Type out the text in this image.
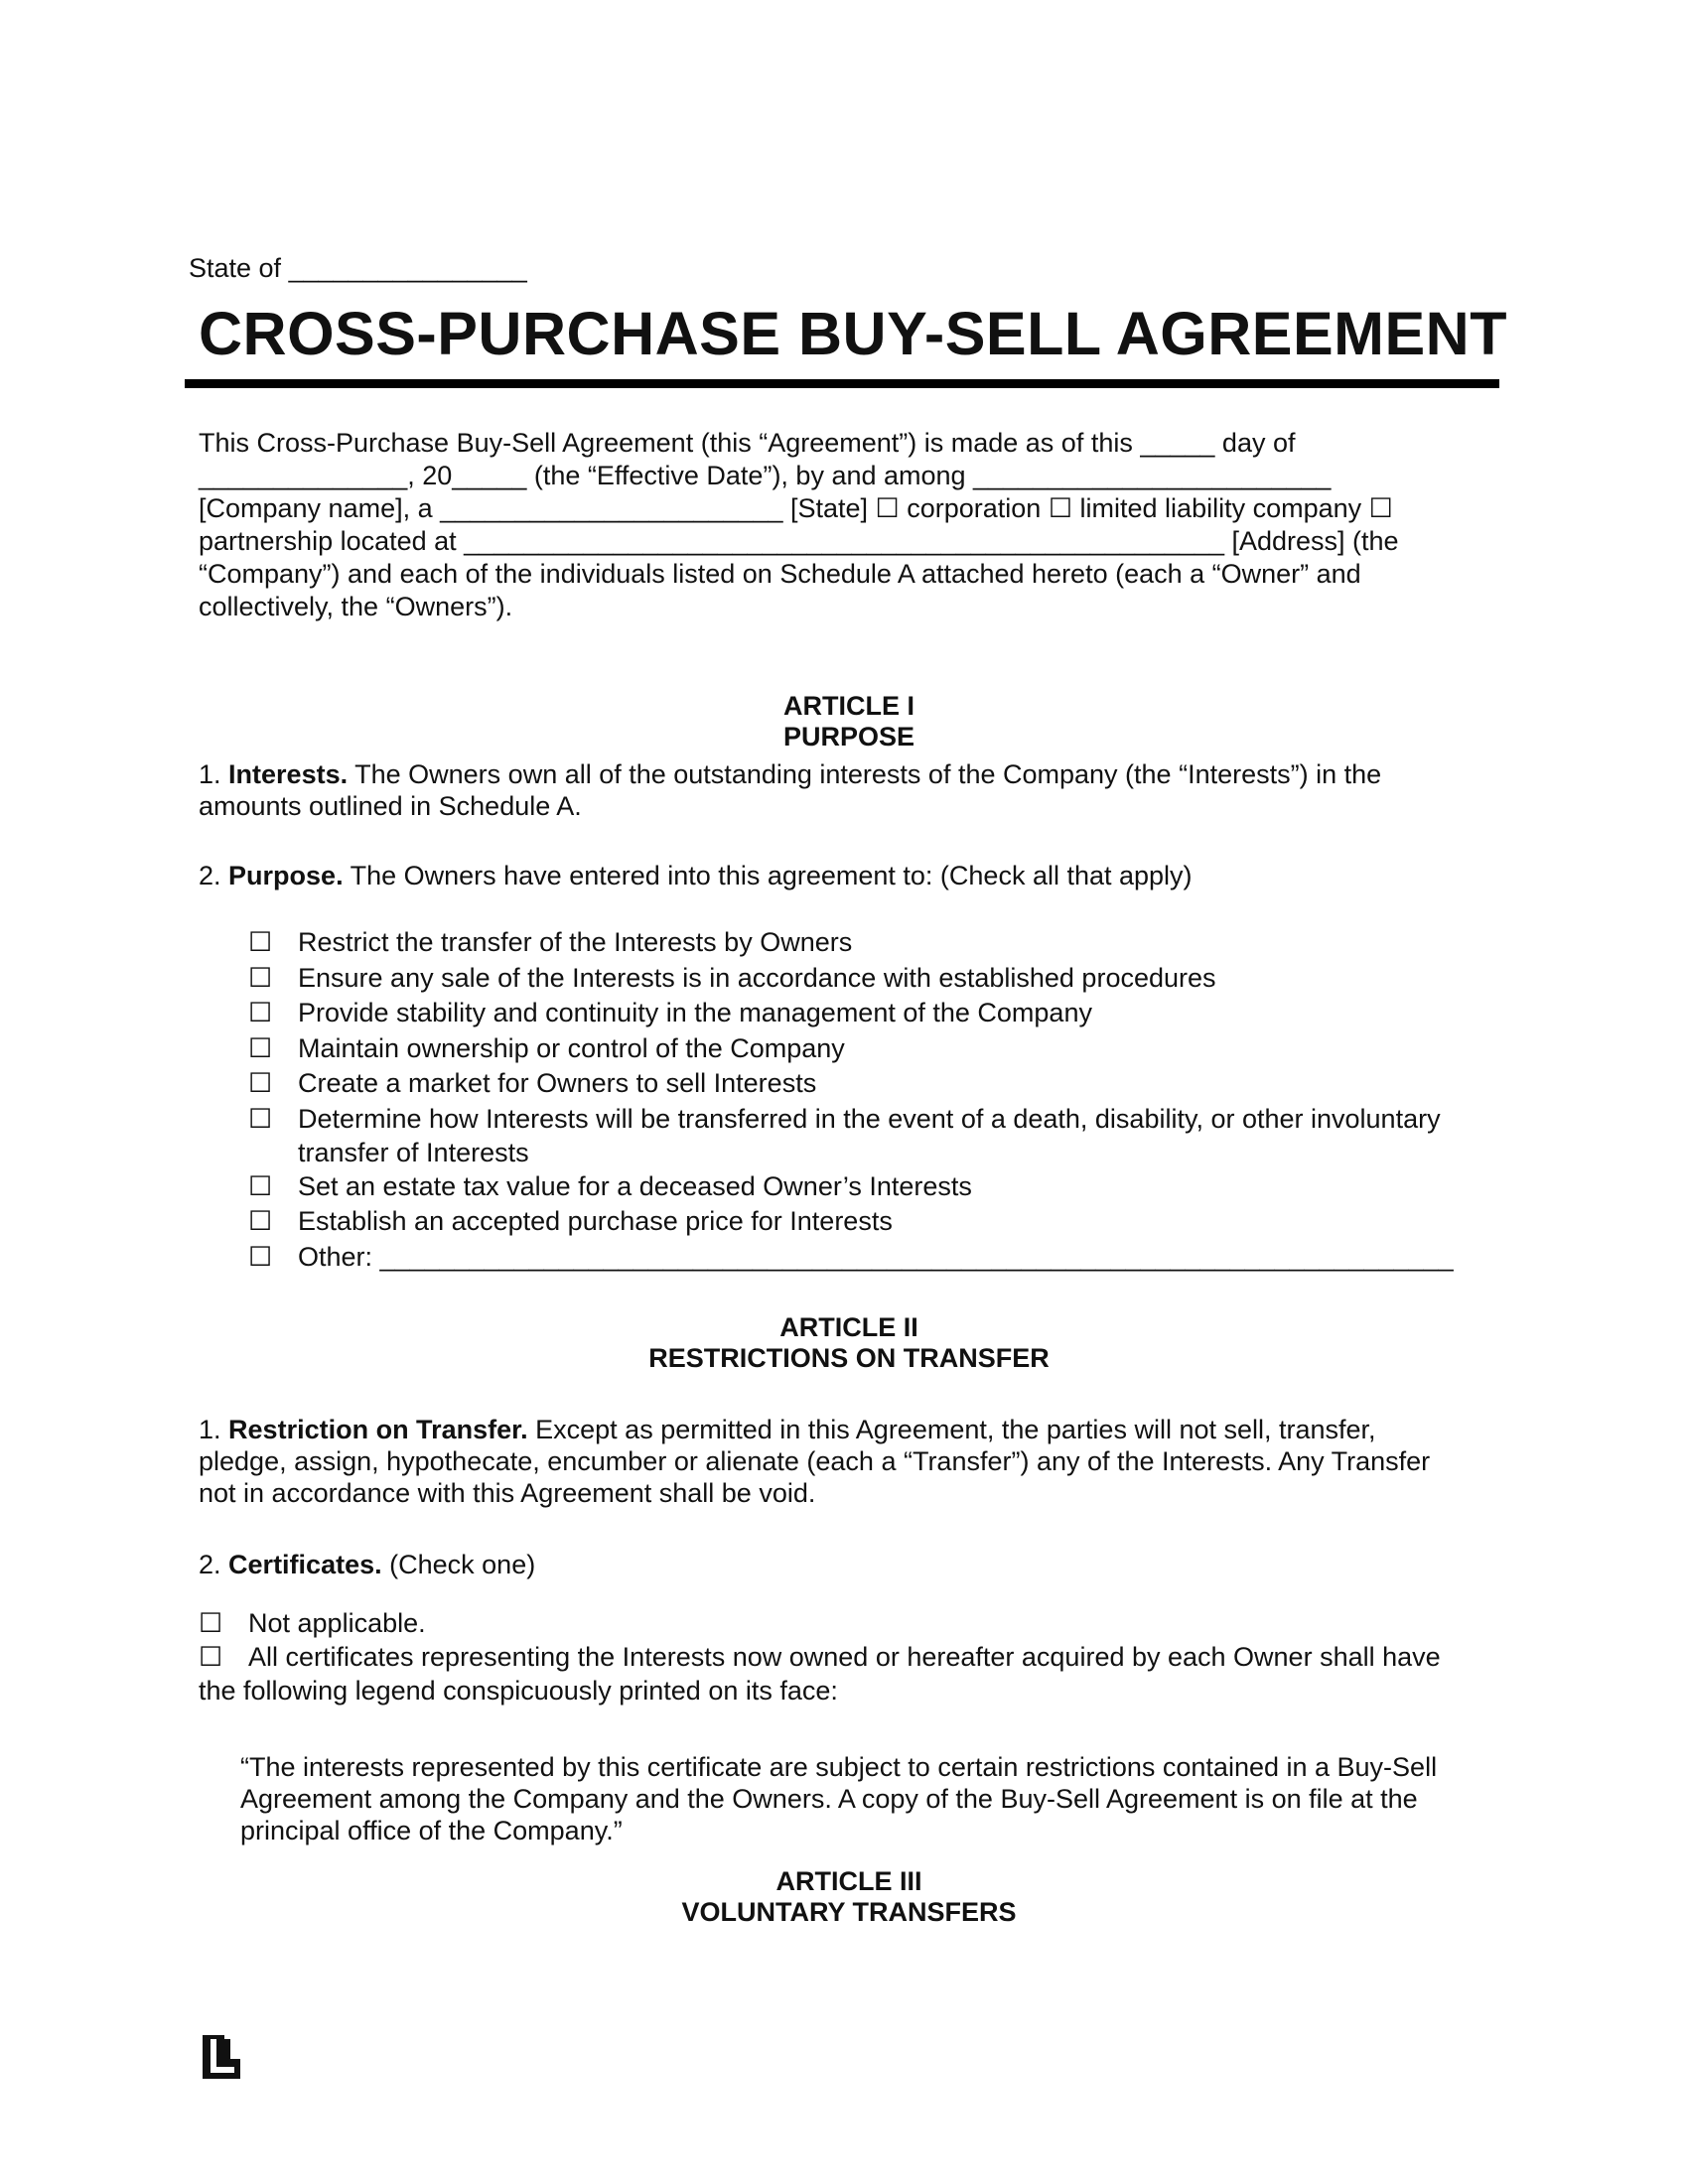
State of ________________
CROSS-PURCHASE BUY-SELL AGREEMENT
This Cross-Purchase Buy-Sell Agreement (this “Agreement”) is made as of this _____ day of
______________, 20_____ (the “Effective Date”), by and among ________________________
[Company name], a _______________________ [State] ☐ corporation ☐ limited liability company ☐
partnership located at ___________________________________________________ [Address] (the
“Company”) and each of the individuals listed on Schedule A attached hereto (each a “Owner” and
collectively, the “Owners”).
ARTICLE I
PURPOSE
1. Interests. The Owners own all of the outstanding interests of the Company (the “Interests”) in the
amounts outlined in Schedule A.
2. Purpose. The Owners have entered into this agreement to: (Check all that apply)
☐ Restrict the transfer of the Interests by Owners
☐ Ensure any sale of the Interests is in accordance with established procedures
☐ Provide stability and continuity in the management of the Company
☐ Maintain ownership or control of the Company
☐ Create a market for Owners to sell Interests
☐ Determine how Interests will be transferred in the event of a death, disability, or other involuntary
transfer of Interests
☐ Set an estate tax value for a deceased Owner’s Interests
☐ Establish an accepted purchase price for Interests
☐ Other: ________________________________________________________________________
ARTICLE II
RESTRICTIONS ON TRANSFER
1. Restriction on Transfer. Except as permitted in this Agreement, the parties will not sell, transfer,
pledge, assign, hypothecate, encumber or alienate (each a “Transfer”) any of the Interests. Any Transfer
not in accordance with this Agreement shall be void.
2. Certificates. (Check one)
☐ Not applicable.
☐ All certificates representing the Interests now owned or hereafter acquired by each Owner shall have
the following legend conspicuously printed on its face:
“The interests represented by this certificate are subject to certain restrictions contained in a Buy-Sell
Agreement among the Company and the Owners. A copy of the Buy-Sell Agreement is on file at the
principal office of the Company.”
ARTICLE III
VOLUNTARY TRANSFERS
